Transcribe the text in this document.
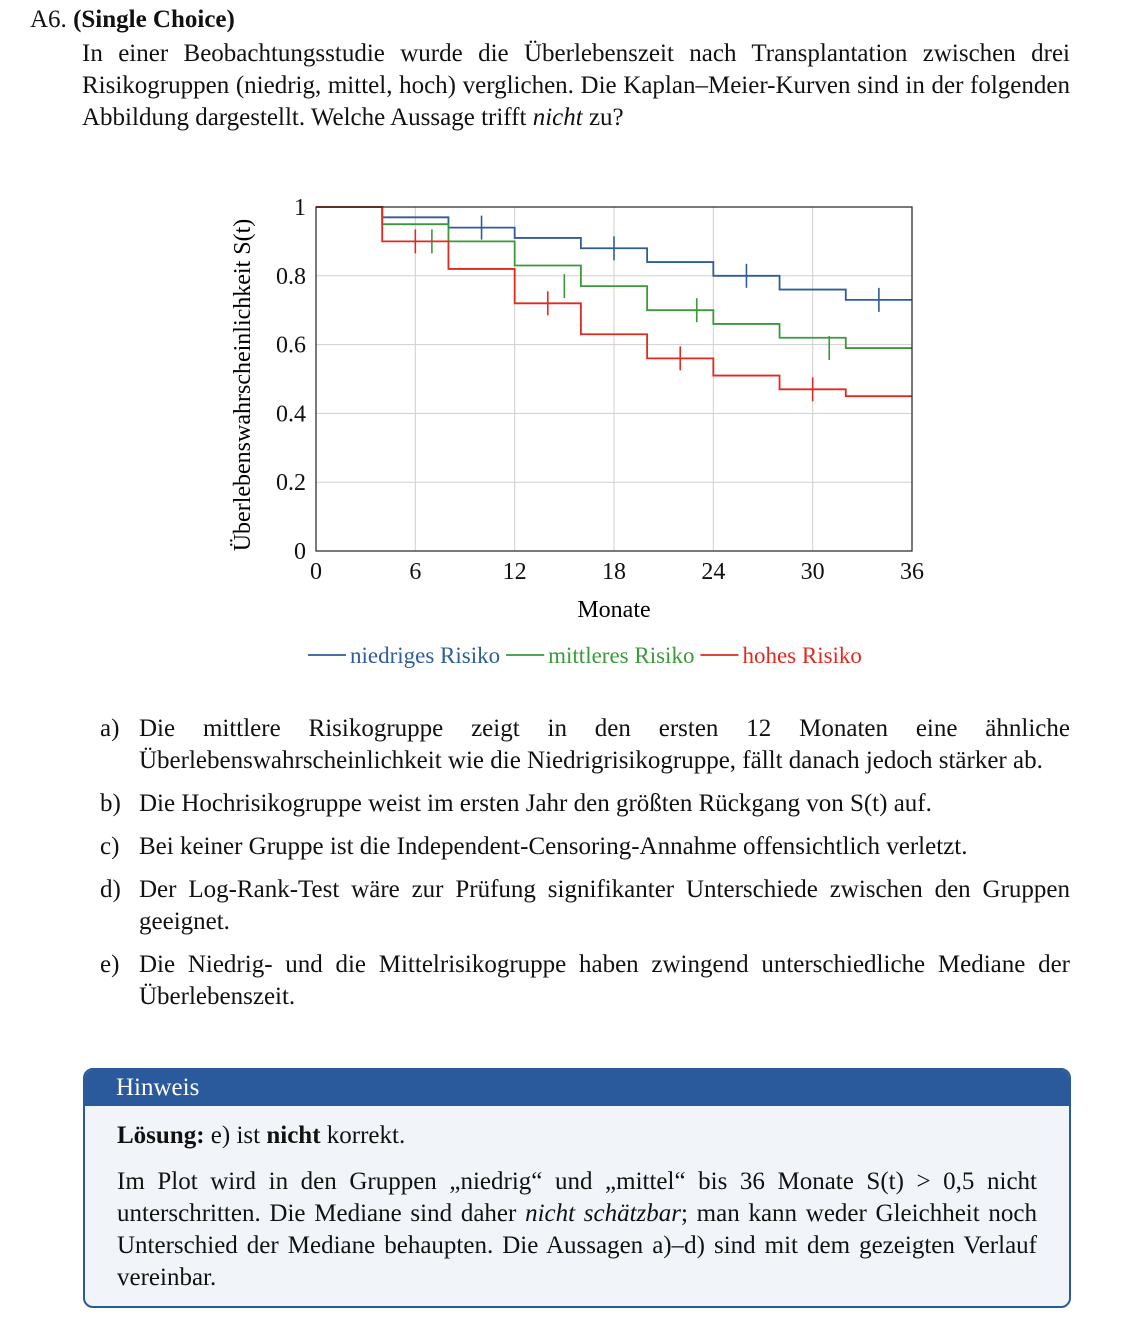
A6. (Single Choice)
In einer Beobachtungsstudie wurde die Überlebenszeit nach Transplantation zwischen drei Risikogruppen (niedrig, mittel, hoch) verglichen. Die Kaplan–Meier-Kurven sind in der folgenden Abbildung dargestellt. Welche Aussage trifft nicht zu?
0	6	12	18	24	30	36
0
0.2
0.4
0.6
0.8
1
Monate
Überlebenswahrscheinlichkeit S(t)
niedriges Risiko mittleres Risiko hohes Risiko
a) Die mittlere Risikogruppe zeigt in den ersten 12 Monaten eine ähnliche Überlebenswahrscheinlichkeit wie die Niedrigrisikogruppe, fällt danach jedoch stärker ab.
b) Die Hochrisikogruppe weist im ersten Jahr den größten Rückgang von S(t) auf.
c) Bei keiner Gruppe ist die Independent-Censoring-Annahme offensichtlich verletzt.
d) Der Log-Rank-Test wäre zur Prüfung signifikanter Unterschiede zwischen den Gruppen geeignet.
e) Die Niedrig- und die Mittelrisikogruppe haben zwingend unterschiedliche Mediane der Überlebenszeit.
Hinweis

Lösung: e) ist nicht korrekt.

Im Plot wird in den Gruppen „niedrig“ und „mittel“ bis 36 Monate S(t) > 0,5 nicht unterschritten. Die Mediane sind daher nicht schätzbar; man kann weder Gleichheit noch Unterschied der Mediane behaupten. Die Aussagen a)–d) sind mit dem gezeigten Verlauf vereinbar.
